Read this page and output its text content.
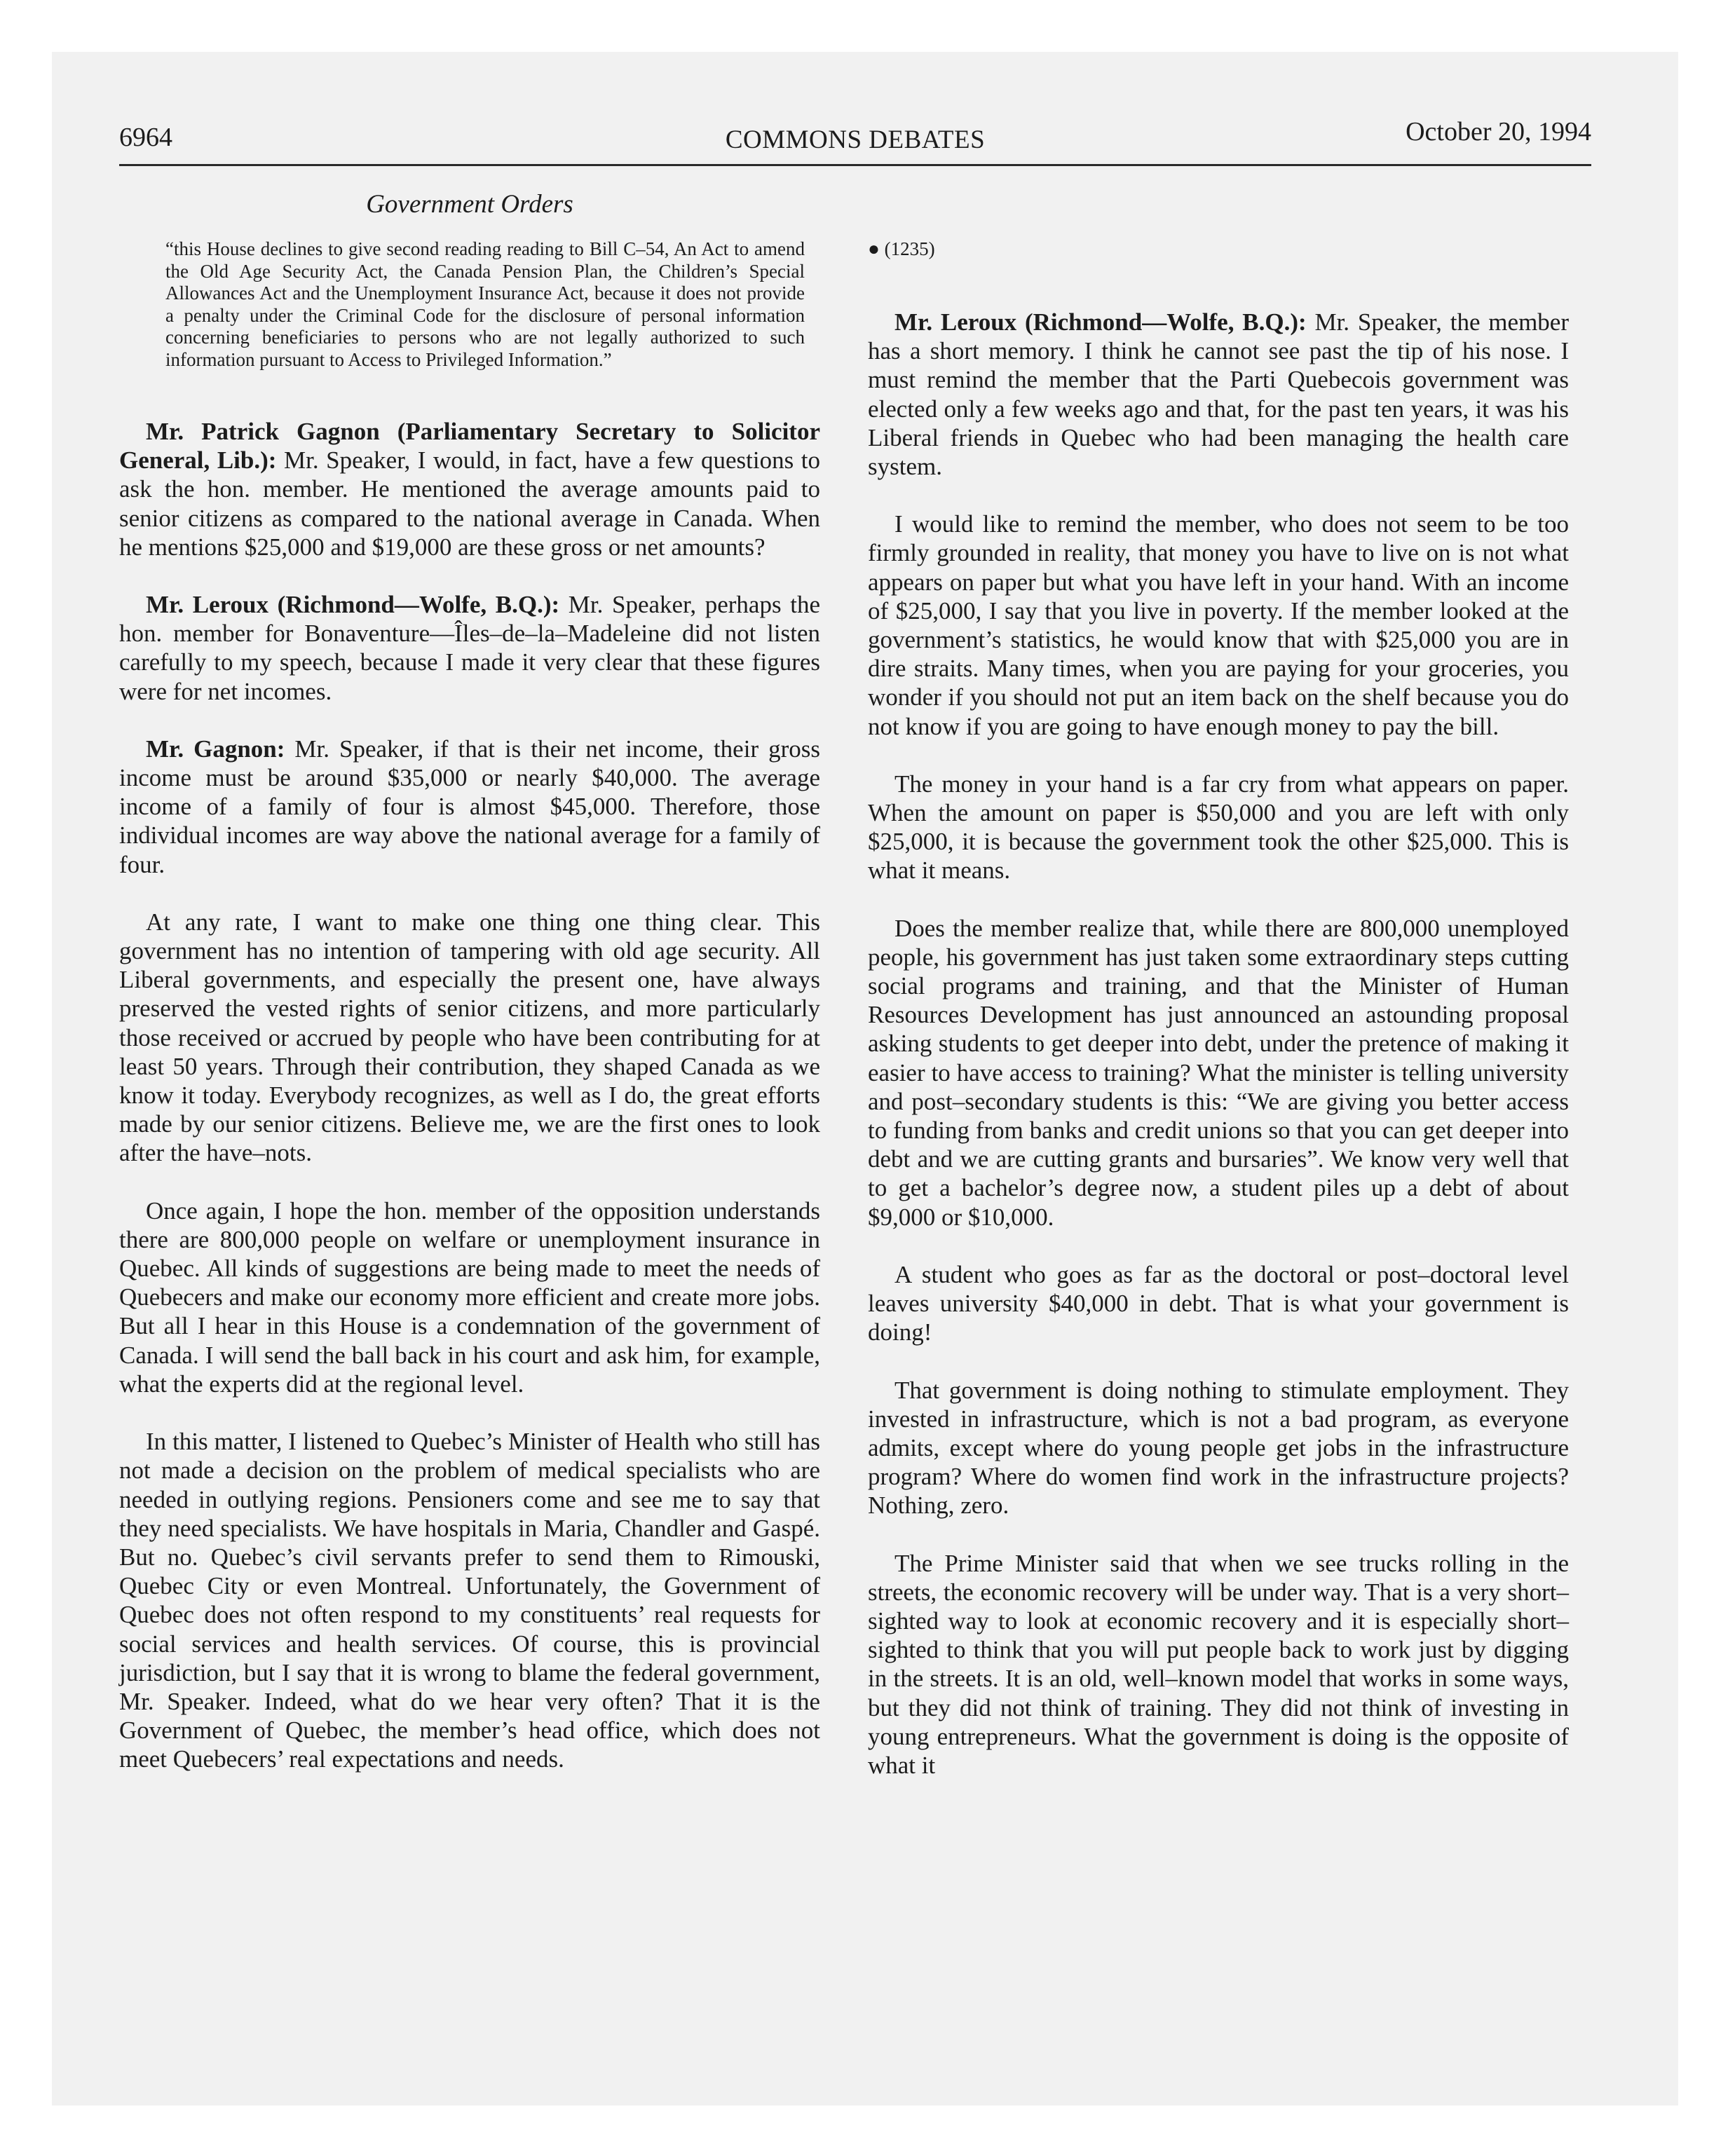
6964	COMMONS DEBATES	October 20, 1994
Government Orders

“this House declines to give second reading reading to Bill C–54, An Act to amend the Old Age Security Act, the Canada Pension Plan, the Children’s Special Allowances Act and the Unemployment Insurance Act, because it does not provide a penalty under the Criminal Code for the disclosure of personal information concerning beneficiaries to persons who are not legally authorized to such information pursuant to Access to Privileged Information.”

Mr. Patrick Gagnon (Parliamentary Secretary to Solicitor General, Lib.): Mr. Speaker, I would, in fact, have a few questions to ask the hon. member. He mentioned the average amounts paid to senior citizens as compared to the national average in Canada. When he mentions $25,000 and $19,000 are these gross or net amounts?

Mr. Leroux (Richmond—Wolfe, B.Q.): Mr. Speaker, perhaps the hon. member for Bonaventure—Îles–de–la–Madeleine did not listen carefully to my speech, because I made it very clear that these figures were for net incomes.

Mr. Gagnon: Mr. Speaker, if that is their net income, their gross income must be around $35,000 or nearly $40,000. The average income of a family of four is almost $45,000. Therefore, those individual incomes are way above the national average for a family of four.

At any rate, I want to make one thing one thing clear. This government has no intention of tampering with old age security. All Liberal governments, and especially the present one, have always preserved the vested rights of senior citizens, and more particularly those received or accrued by people who have been contributing for at least 50 years. Through their contribution, they shaped Canada as we know it today. Everybody recognizes, as well as I do, the great efforts made by our senior citizens. Believe me, we are the first ones to look after the have–nots.

Once again, I hope the hon. member of the opposition understands there are 800,000 people on welfare or unemployment insurance in Quebec. All kinds of suggestions are being made to meet the needs of Quebecers and make our economy more efficient and create more jobs. But all I hear in this House is a condemnation of the government of Canada. I will send the ball back in his court and ask him, for example, what the experts did at the regional level.

In this matter, I listened to Quebec’s Minister of Health who still has not made a decision on the problem of medical specialists who are needed in outlying regions. Pensioners come and see me to say that they need specialists. We have hospitals in Maria, Chandler and Gaspé. But no. Quebec’s civil servants prefer to send them to Rimouski, Quebec City or even Montreal. Unfortunately, the Government of Quebec does not often respond to my constituents’ real requests for social services and health services. Of course, this is provincial jurisdiction, but I say that it is wrong to blame the federal government, Mr. Speaker. Indeed, what do we hear very often? That it is the Government of Quebec, the member’s head office, which does not meet Quebecers’ real expectations and needs.

● (1235)

Mr. Leroux (Richmond—Wolfe, B.Q.): Mr. Speaker, the member has a short memory. I think he cannot see past the tip of his nose. I must remind the member that the Parti Quebecois government was elected only a few weeks ago and that, for the past ten years, it was his Liberal friends in Quebec who had been managing the health care system.

I would like to remind the member, who does not seem to be too firmly grounded in reality, that money you have to live on is not what appears on paper but what you have left in your hand. With an income of $25,000, I say that you live in poverty. If the member looked at the government’s statistics, he would know that with $25,000 you are in dire straits. Many times, when you are paying for your groceries, you wonder if you should not put an item back on the shelf because you do not know if you are going to have enough money to pay the bill.

The money in your hand is a far cry from what appears on paper. When the amount on paper is $50,000 and you are left with only $25,000, it is because the government took the other $25,000. This is what it means.

Does the member realize that, while there are 800,000 unemployed people, his government has just taken some extraordinary steps cutting social programs and training, and that the Minister of Human Resources Development has just announced an astounding proposal asking students to get deeper into debt, under the pretence of making it easier to have access to training? What the minister is telling university and post–secondary students is this: “We are giving you better access to funding from banks and credit unions so that you can get deeper into debt and we are cutting grants and bursaries”. We know very well that to get a bachelor’s degree now, a student piles up a debt of about $9,000 or $10,000.

A student who goes as far as the doctoral or post–doctoral level leaves university $40,000 in debt. That is what your government is doing!

That government is doing nothing to stimulate employment. They invested in infrastructure, which is not a bad program, as everyone admits, except where do young people get jobs in the infrastructure program? Where do women find work in the infrastructure projects? Nothing, zero.

The Prime Minister said that when we see trucks rolling in the streets, the economic recovery will be under way. That is a very short–sighted way to look at economic recovery and it is especially short–sighted to think that you will put people back to work just by digging in the streets. It is an old, well–known model that works in some ways, but they did not think of training. They did not think of investing in young entrepreneurs. What the government is doing is the opposite of what it
